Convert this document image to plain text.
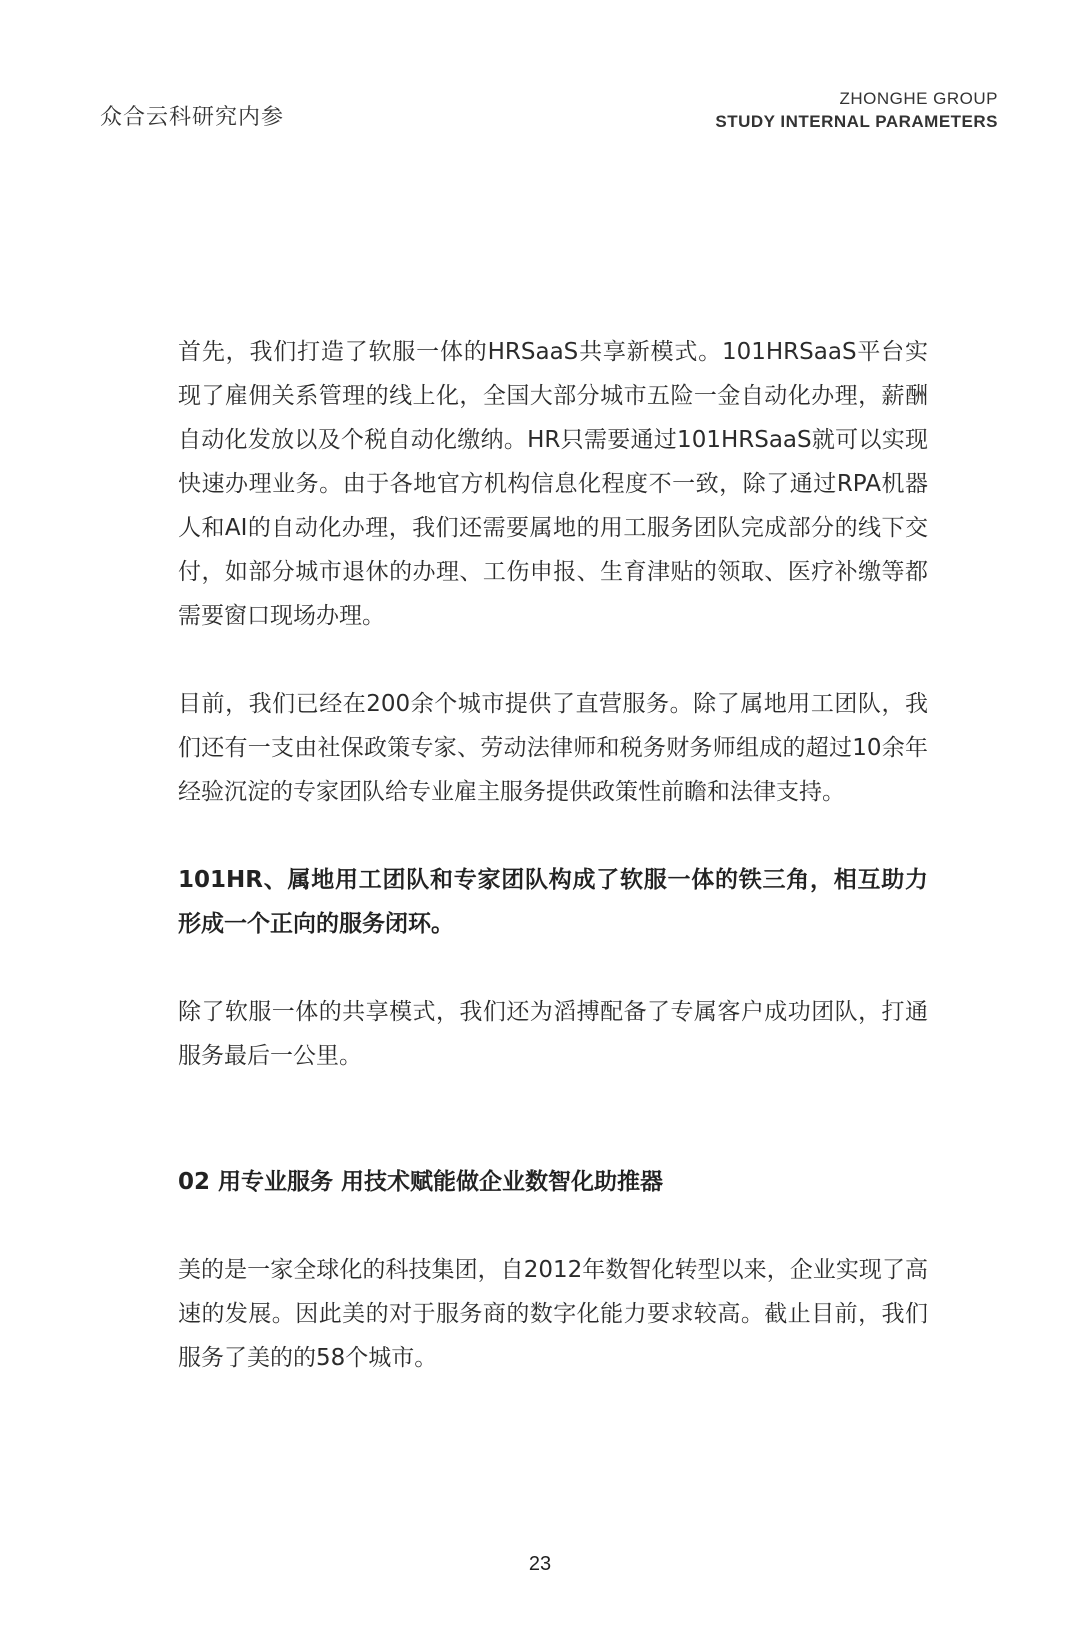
众合云科研究内参
ZHONGHE GROUP
STUDY INTERNAL PARAMETERS

首先，我们打造了软服一体的HRSaaS共享新模式。101HRSaaS平台实现了雇佣关系管理的线上化，全国大部分城市五险一金自动化办理，薪酬自动化发放以及个税自动化缴纳。HR只需要通过101HRSaaS就可以实现快速办理业务。由于各地官方机构信息化程度不一致，除了通过RPA机器人和AI的自动化办理，我们还需要属地的用工服务团队完成部分的线下交付，如部分城市退休的办理、工伤申报、生育津贴的领取、医疗补缴等都需要窗口现场办理。

目前，我们已经在200余个城市提供了直营服务。除了属地用工团队，我们还有一支由社保政策专家、劳动法律师和税务财务师组成的超过10余年经验沉淀的专家团队给专业雇主服务提供政策性前瞻和法律支持。

101HR、属地用工团队和专家团队构成了软服一体的铁三角，相互助力形成一个正向的服务闭环。

除了软服一体的共享模式，我们还为滔搏配备了专属客户成功团队，打通服务最后一公里。

02 用专业服务 用技术赋能做企业数智化助推器

美的是一家全球化的科技集团，自2012年数智化转型以来，企业实现了高速的发展。因此美的对于服务商的数字化能力要求较高。截止目前，我们服务了美的的58个城市。

23
